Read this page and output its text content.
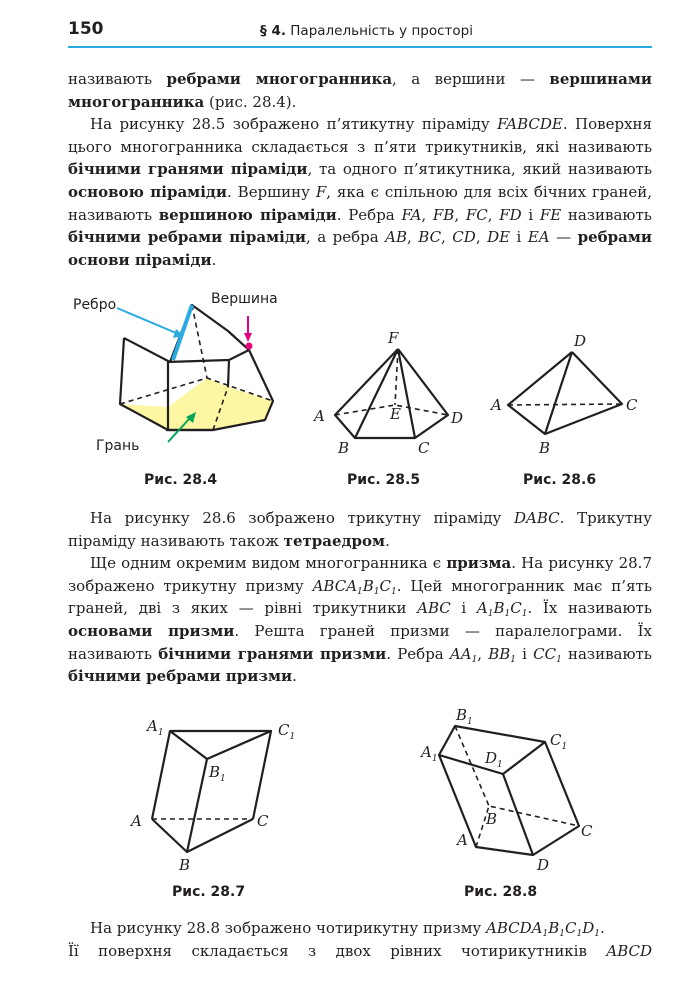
150	§ 4. Паралельність у просторі

називають ребрами многогранника, а вершини — вершинами многогранника (рис. 28.4).

На рисунку 28.5 зображено п’ятикутну піраміду FABCDE. Поверхня цього многогранника складається з п’яти трикутників, які називають бічними гранями піраміди, та одного п’ятикутника, який називають основою піраміди. Вершину F, яка є спільною для всіх бічних граней, називають вершиною піраміди. Ребра FA, FB, FC, FD і FE називають бічними ребрами піраміди, а ребра AB, BC, CD, DE і EA — ребрами основи піраміди.

Ребро	Вершина
Грань
Рис. 28.4
F
A
B	C
D
E
Рис. 28.5
D
A
B
C
Рис. 28.6

На рисунку 28.6 зображено трикутну піраміду DABC. Трикутну піраміду називають також тетраедром.

Ще одним окремим видом многогранника є призма. На рисунку 28.7 зображено трикутну призму $ABCA_1B_1C_1$. Цей многогранник має п’ять граней, дві з яких — рівні трикутники ABC і $A_1B_1C_1$. Їх називають основами призми. Решта граней призми — паралелограми. Їх називають бічними гранями призми. Ребра $AA_1$, $BB_1$ і $CC_1$ називають бічними ребрами призми.

$A_1$	$C_1$
$B_1$
A	C
B
Рис. 28.7
$B_1$
$A_1$	$D_1$
$C_1$
B
A	C
D
Рис. 28.8

На рисунку 28.8 зображено чотирикутну призму $ABCDA_1B_1C_1D_1$.

Її поверхня складається з двох рівних чотирикутників ABCD
